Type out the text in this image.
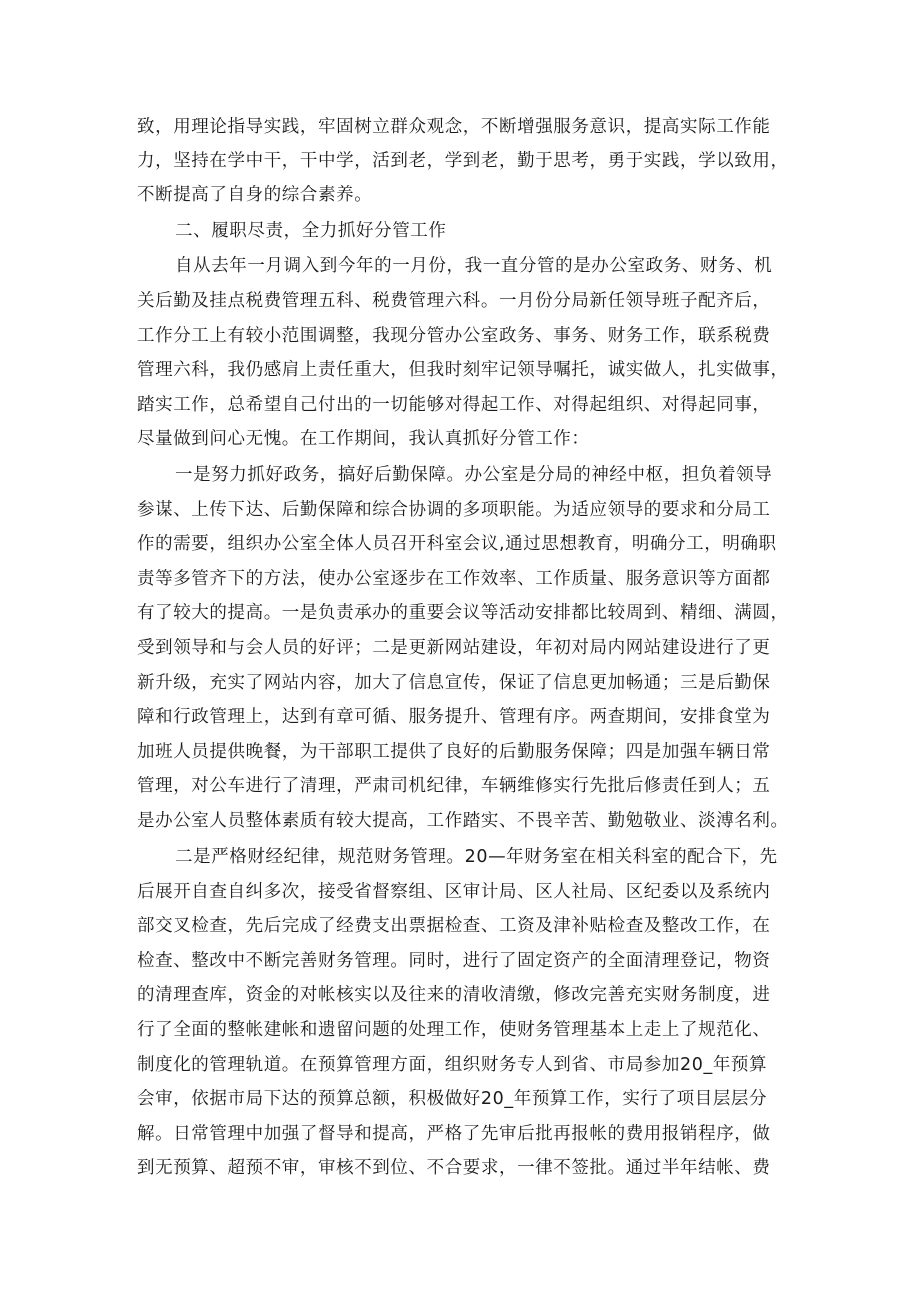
致，用理论指导实践，牢固树立群众观念，不断增强服务意识，提高实际工作能
力，坚持在学中干，干中学，活到老，学到老，勤于思考，勇于实践，学以致用，
不断提高了自身的综合素养。
二、履职尽责，全力抓好分管工作
自从去年一月调入到今年的一月份，我一直分管的是办公室政务、财务、机
关后勤及挂点税费管理五科、税费管理六科。一月份分局新任领导班子配齐后，
工作分工上有较小范围调整，我现分管办公室政务、事务、财务工作，联系税费
管理六科，我仍感肩上责任重大，但我时刻牢记领导嘱托，诚实做人，扎实做事，
踏实工作，总希望自己付出的一切能够对得起工作、对得起组织、对得起同事，
尽量做到问心无愧。在工作期间，我认真抓好分管工作：
一是努力抓好政务，搞好后勤保障。办公室是分局的神经中枢，担负着领导
参谋、上传下达、后勤保障和综合协调的多项职能。为适应领导的要求和分局工
作的需要，组织办公室全体人员召开科室会议,通过思想教育，明确分工，明确职
责等多管齐下的方法，使办公室逐步在工作效率、工作质量、服务意识等方面都
有了较大的提高。一是负责承办的重要会议等活动安排都比较周到、精细、满圆，
受到领导和与会人员的好评；二是更新网站建设，年初对局内网站建设进行了更
新升级，充实了网站内容，加大了信息宣传，保证了信息更加畅通；三是后勤保
障和行政管理上，达到有章可循、服务提升、管理有序。两查期间，安排食堂为
加班人员提供晚餐，为干部职工提供了良好的后勤服务保障；四是加强车辆日常
管理，对公车进行了清理，严肃司机纪律，车辆维修实行先批后修责任到人；五
是办公室人员整体素质有较大提高，工作踏实、不畏辛苦、勤勉敬业、淡溥名利。
二是严格财经纪律，规范财务管理。20—年财务室在相关科室的配合下，先
后展开自查自纠多次，接受省督察组、区审计局、区人社局、区纪委以及系统内
部交叉检查，先后完成了经费支出票据检查、工资及津补贴检查及整改工作，在
检查、整改中不断完善财务管理。同时，进行了固定资产的全面清理登记，物资
的清理查库，资金的对帐核实以及往来的清收清缴，修改完善充实财务制度，进
行了全面的整帐建帐和遗留问题的处理工作，使财务管理基本上走上了规范化、
制度化的管理轨道。在预算管理方面，组织财务专人到省、市局参加20_年预算
会审，依据市局下达的预算总额，积极做好20_年预算工作，实行了项目层层分
解。日常管理中加强了督导和提高，严格了先审后批再报帐的费用报销程序，做
到无预算、超预不审，审核不到位、不合要求，一律不签批。通过半年结帐、费
